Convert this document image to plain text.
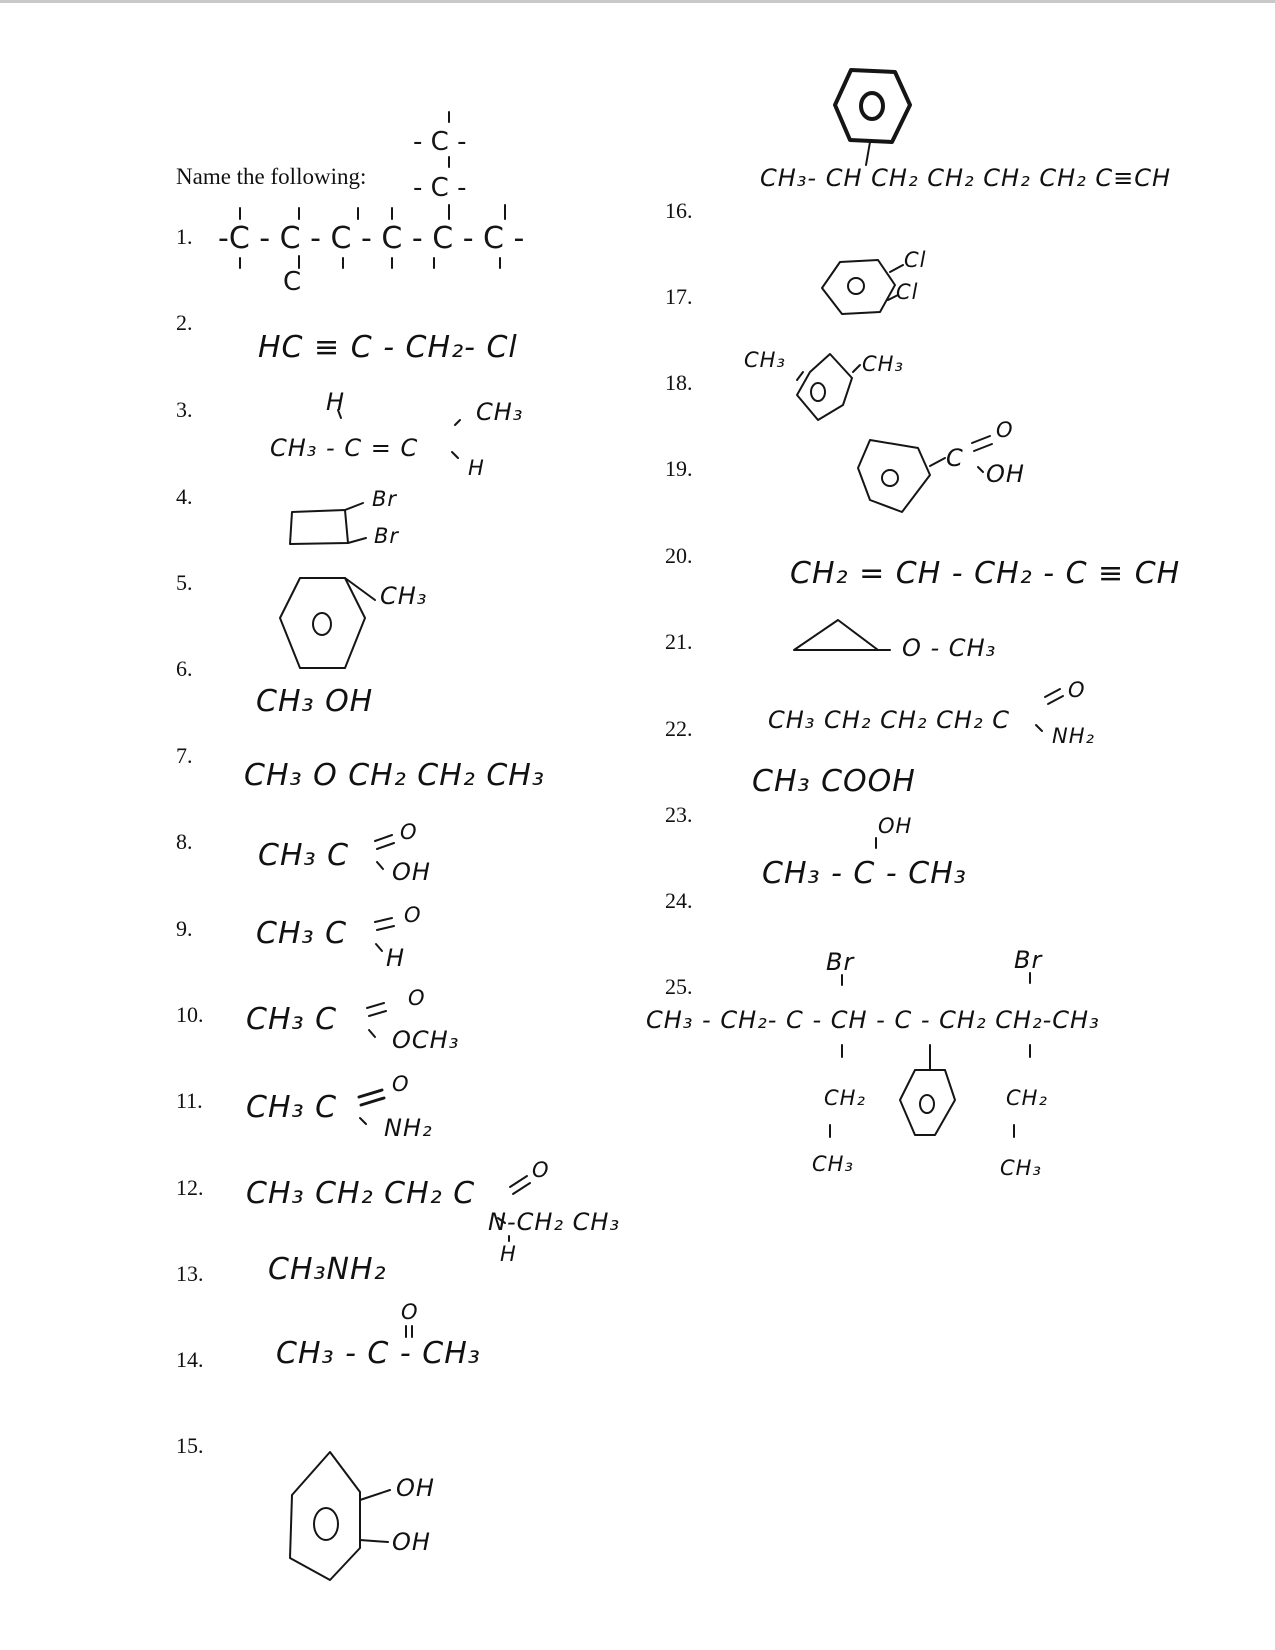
Name the following:
1.
2.
3.
4.
5.
6.
7.
8.
9.
10.
11.
12.
13.
14.
15.
16.
17.
18.
19.
20.
21.
22.
23.
24.
25.
-C - C - C - C - C - C -
C
- C -
- C -
HC ≡ C - CH₂- Cl
H	CH₃
CH₃ - C = C
H
Br
Br
CH₃
CH₃ OH
CH₃ O CH₂ CH₂ CH₃
CH₃ C
O
OH
CH₃ C
O
H
CH₃ C
O
OCH₃
CH₃ C
O
NH₂
CH₃ CH₂ CH₂ C
O
N-CH₂ CH₃
H
CH₃NH₂
O
CH₃ - C - CH₃
OH
OH
CH₃- CH CH₂ CH₂ CH₂ CH₂ C≡CH
Cl
Cl
CH₃	CH₃
C
O
OH
CH₂ = CH - CH₂ - C ≡ CH
O - CH₃
CH₃ CH₂ CH₂ CH₂ C
O
NH₂
CH₃ COOH
OH
CH₃ - C - CH₃
Br	Br
CH₃ - CH₂- C - CH - C - CH₂ CH₂-CH₃
CH₂	CH₂
CH₃	CH₃
